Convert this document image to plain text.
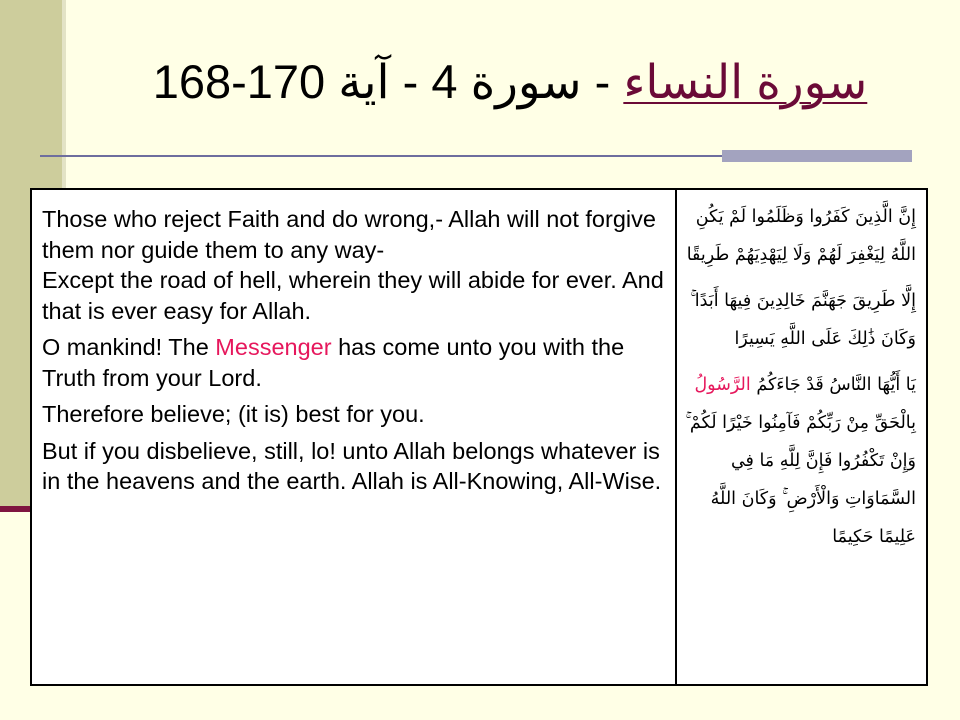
168-170 - سورة 4 - آية سورة النساء

Those who reject Faith and do wrong,- Allah will not forgive them nor guide them to any way-
Except the road of hell, wherein they will abide for ever. And that is ever easy for Allah.

O mankind! The Messenger has come unto you with the Truth from your Lord.

Therefore believe; (it is) best for you.

But if you disbelieve, still, lo! unto Allah belongs whatever is in the heavens and the earth. Allah is All-Knowing, All-Wise.

إِنَّ الَّذِينَ كَفَرُوا وَظَلَمُوا لَمْ يَكُنِ اللَّهُ لِيَغْفِرَ لَهُمْ وَلَا لِيَهْدِيَهُمْ طَرِيقًا

إِلَّا طَرِيقَ جَهَنَّمَ خَالِدِينَ فِيهَا أَبَدًا ۚ وَكَانَ ذَٰلِكَ عَلَى اللَّهِ يَسِيرًا

يَا أَيُّهَا النَّاسُ قَدْ جَاءَكُمُ الرَّسُولُ بِالْحَقِّ مِنْ رَبِّكُمْ فَآمِنُوا خَيْرًا لَكُمْ ۚ وَإِنْ تَكْفُرُوا فَإِنَّ لِلَّهِ مَا فِي السَّمَاوَاتِ وَالْأَرْضِ ۚ وَكَانَ اللَّهُ عَلِيمًا حَكِيمًا
